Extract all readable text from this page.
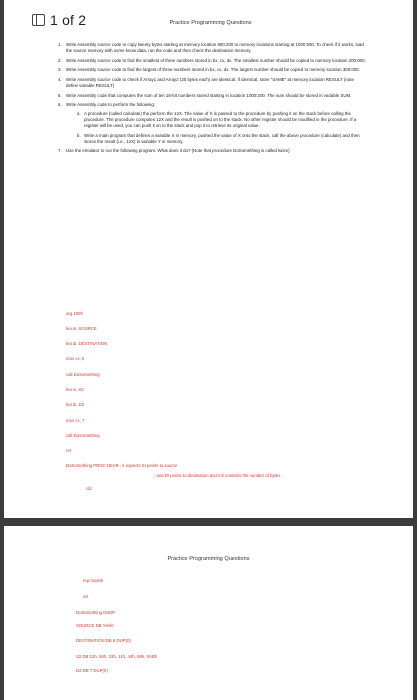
1 of 2	Practice Programming Questions
1. Write Assembly source code to copy twenty bytes starting at memory location 800:200 to memory locations starting at 1000:500. To check if it works, load the source memory with some know data, run the code and then check the destination memory.
2. Write Assembly source code to find the smallest of three numbers stored in bx, cx, dx. The smallest number should be copied to memory location 200:000.
3. Write Assembly source code to find the largest of three numbers stored in bx, cx, dx. The largest number should be copied to memory location 300:000.
4. Write Assembly source code to check if Array1 and Array2 (20 bytes each) are identical. If identical, store "SAME" at memory location RESULT (note define variable RESULT)
5. Write Assembly code that computes the sum of ten 16-bit numbers stored starting in location 1000:200. The sum should be stored in variable SUM.
6. Write Assembly code to perform the following:
a. A procedure (called calculate) the perform the 12X. The value of X is passed to the procedure by pushing it on the stack before calling the procedure. The procedure computes 12X and the result is pushed on to the stack. No other register should be modified in the procedure. If a register will be used, you can push it on to the stack and pop it to retrieve its original value.
b. Write a main program that defines a variable X in memory, pushed the value of X onto the stack, call the above procedure (calculate) and then stores the result (i.e., 12X) in variable Y in memory.
7. Use the emulator to run the following program. What does it do? (Note that procedure DoSomething is called twice)
org 100h
lea si, SOURCE
lea di, DESTINATION
mov cx, 5
call DoSomething
lea si, S2
lea di, D2
mov cx, 7
call DoSomething
ret
DoSomething PROC NEAR ; it expects SI points to source
; and DI points to destination and CX contains the number of bytes
cld
Practice Programming Questions
rep movsb
ret
DoSomething ENDP
SOURCE DB 'Hello'
DESTINATION DB 6 DUP(0)
S2 DB 12h, 56h, 33h, 11h, 44h, 88h, 0ABh
D2 DB 7 DUP(0)
